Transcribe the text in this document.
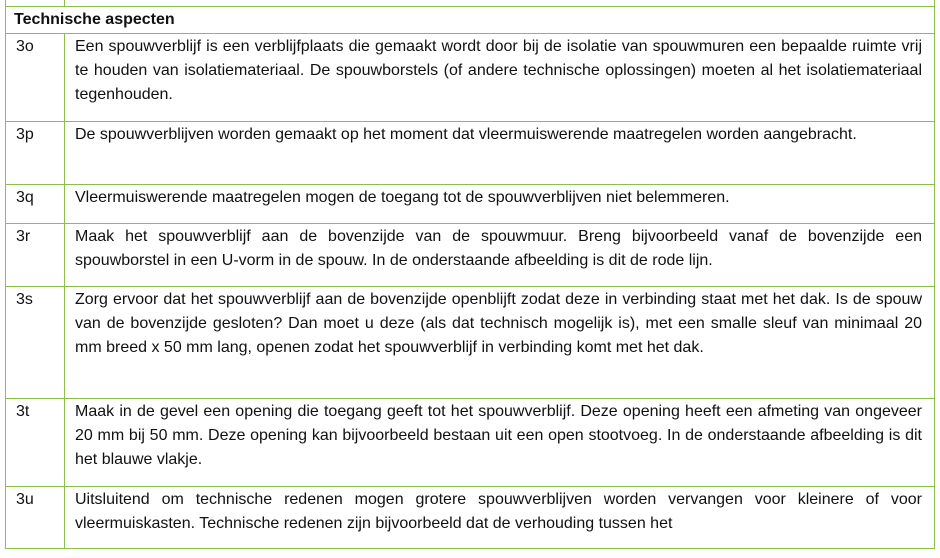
Technische aspecten	
3o	Een spouwverblijf is een verblijfplaats die gemaakt wordt door bij de isolatie van spouwmuren een bepaalde ruimte vrij te houden van isolatiemateriaal. De spouwborstels (of andere technische oplossingen) moeten al het isolatiemateriaal tegenhouden.
3p	De spouwverblijven worden gemaakt op het moment dat vleermuiswerende maatregelen worden aangebracht.
3q	Vleermuiswerende maatregelen mogen de toegang tot de spouwverblijven niet belemmeren.
3r	Maak het spouwverblijf aan de bovenzijde van de spouwmuur. Breng bijvoorbeeld vanaf de bovenzijde een spouwborstel in een U-vorm in de spouw. In de onderstaande afbeelding is dit de rode lijn.
3s	Zorg ervoor dat het spouwverblijf aan de bovenzijde openblijft zodat deze in verbinding staat met het dak. Is de spouw van de bovenzijde gesloten? Dan moet u deze (als dat technisch mogelijk is), met een smalle sleuf van minimaal 20 mm breed x 50 mm lang, openen zodat het spouwverblijf in verbinding komt met het dak.
3t	Maak in de gevel een opening die toegang geeft tot het spouwverblijf. Deze opening heeft een afmeting van ongeveer 20 mm bij 50 mm. Deze opening kan bijvoorbeeld bestaan uit een open stootvoeg. In de onderstaande afbeelding is dit het blauwe vlakje.
3u	Uitsluitend om technische redenen mogen grotere spouwverblijven worden vervangen voor kleinere of voor vleermuiskasten. Technische redenen zijn bijvoorbeeld dat de verhouding tussen het
